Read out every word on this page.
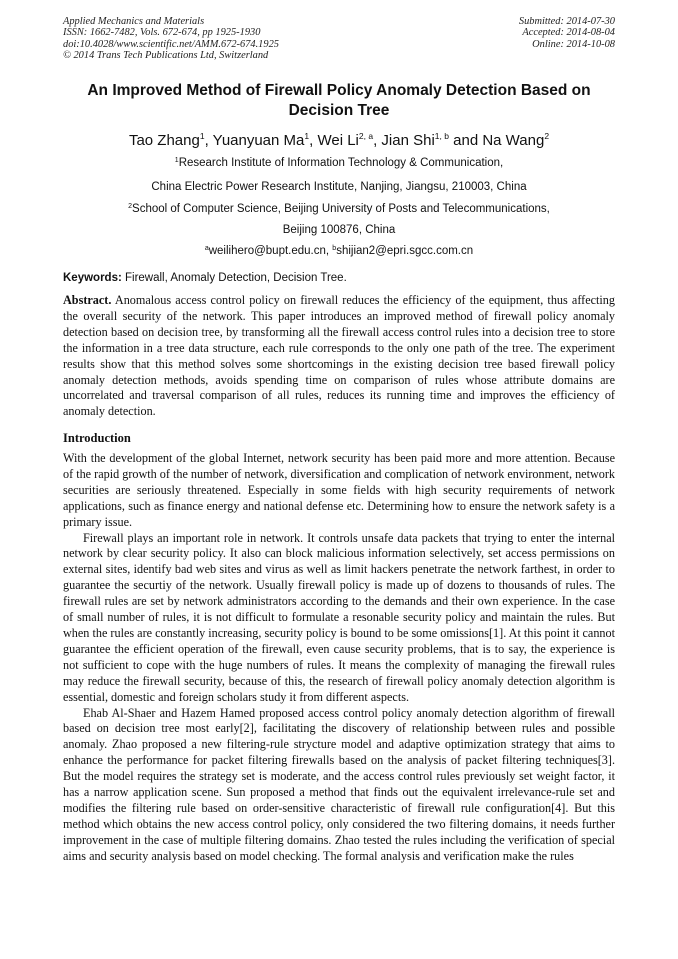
Applied Mechanics and Materials
ISSN: 1662-7482, Vols. 672-674, pp 1925-1930
doi:10.4028/www.scientific.net/AMM.672-674.1925
© 2014 Trans Tech Publications Ltd, Switzerland
Submitted: 2014-07-30
Accepted: 2014-08-04
Online: 2014-10-08
An Improved Method of Firewall Policy Anomaly Detection Based on Decision Tree
Tao Zhang$^1$, Yuanyuan Ma$^1$, Wei Li$^{2, a}$, Jian Shi$^{1, b}$ and Na Wang$^2$
$^1$Research Institute of Information Technology & Communication,
China Electric Power Research Institute, Nanjing, Jiangsu, 210003, China
$^2$School of Computer Science, Beijing University of Posts and Telecommunications,
Beijing 100876, China
$^a$weilihero@bupt.edu.cn, $^b$shijian2@epri.sgcc.com.cn
Keywords: Firewall, Anomaly Detection, Decision Tree.
Abstract. Anomalous access control policy on firewall reduces the efficiency of the equipment, thus affecting the overall security of the network. This paper introduces an improved method of firewall policy anomaly detection based on decision tree, by transforming all the firewall access control rules into a decision tree to store the information in a tree data structure, each rule corresponds to the only one path of the tree. The experiment results show that this method solves some shortcomings in the existing decision tree based firewall policy anomaly detection methods, avoids spending time on comparison of rules whose attribute domains are uncorrelated and traversal comparison of all rules, reduces its running time and improves the efficiency of anomaly detection.
Introduction

With the development of the global Internet, network security has been paid more and more attention. Because of the rapid growth of the number of network, diversification and complication of network environment, network securities are seriously threatened. Especially in some fields with high security requirements of network applications, such as finance energy and national defense etc. Determining how to ensure the network safety is a primary issue.

Firewall plays an important role in network. It controls unsafe data packets that trying to enter the internal network by clear security policy. It also can block malicious information selectively, set access permissions on external sites, identify bad web sites and virus as well as limit hackers penetrate the network farthest, in order to guarantee the securtiy of the network. Usually firewall policy is made up of dozens to thousands of rules. The firewall rules are set by network administrators according to the demands and their own experience. In the case of small number of rules, it is not difficult to formulate a resonable security policy and maintain the rules. But when the rules are constantly increasing, security policy is bound to be some omissions[1]. At this point it cannot guarantee the efficient operation of the firewall, even cause security problems, that is to say, the experience is not sufficient to cope with the huge numbers of rules. It means the complexity of managing the firewall rules may reduce the firewall security, because of this, the research of firewall policy anomaly detection algorithm is essential, domestic and foreign scholars study it from different aspects.

Ehab Al-Shaer and Hazem Hamed proposed access control policy anomaly detection algorithm of firewall based on decision tree most early[2], facilitating the discovery of relationship between rules and possible anomaly. Zhao proposed a new filtering-rule strycture model and adaptive optimization strategy that aims to enhance the performance for packet filtering firewalls based on the analysis of packet filtering techniques[3]. But the model requires the strategy set is moderate, and the access control rules previously set weight factor, it has a narrow application scene. Sun proposed a method that finds out the equivalent irrelevance-rule set and modifies the filtering rule based on order-sensitive characteristic of firewall rule configuration[4]. But this method which obtains the new access control policy, only considered the two filtering domains, it needs further improvement in the case of multiple filtering domains. Zhao tested the rules including the verification of special aims and security analysis based on model checking. The formal analysis and verification make the rules
